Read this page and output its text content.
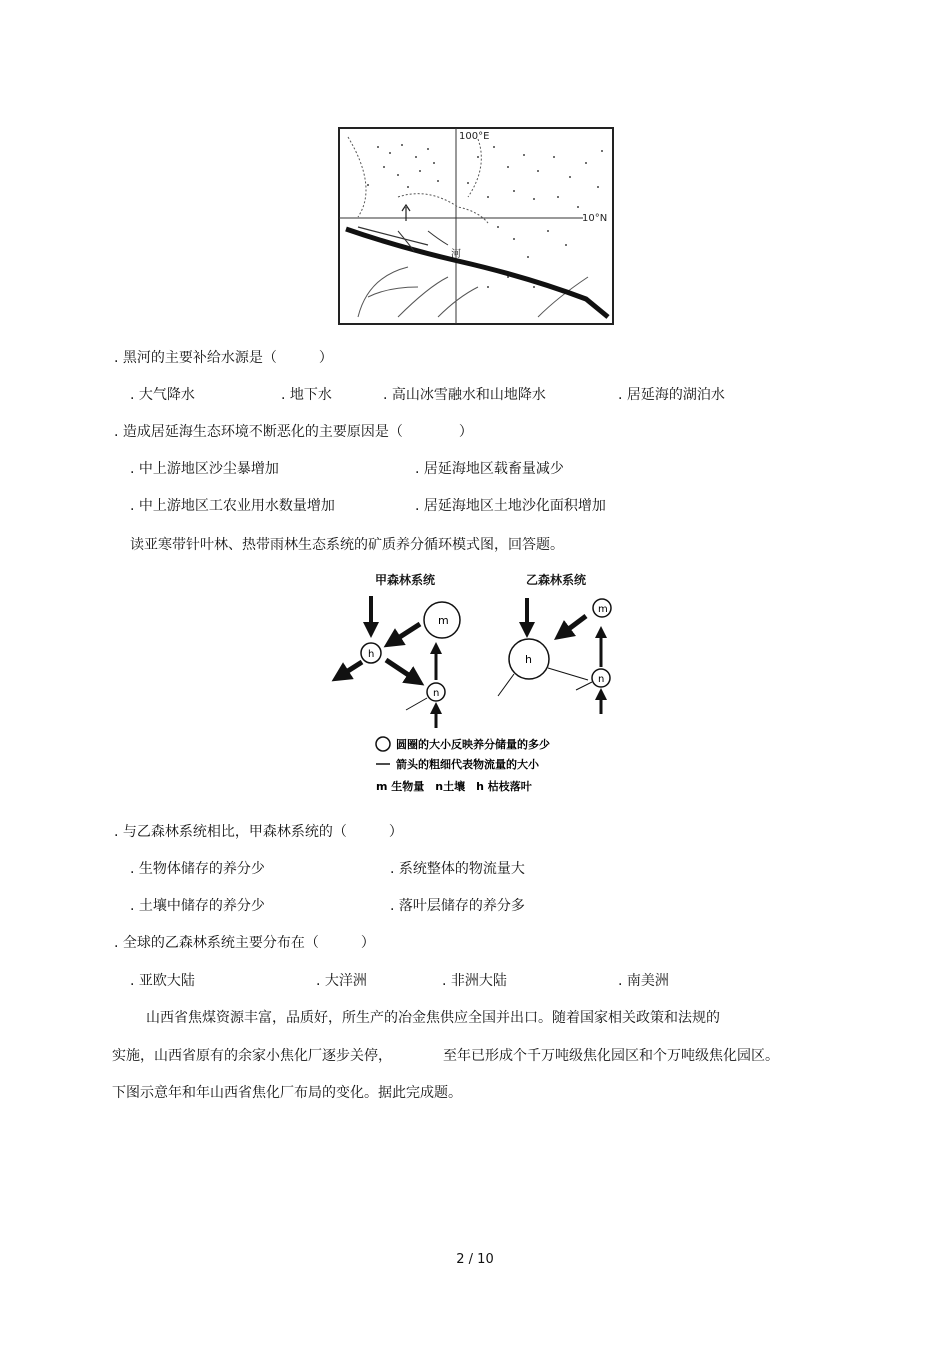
100°E
10°N
河
. 黑河的主要补给水源是（　　　）
. 大气降水	. 地下水	. 高山冰雪融水和山地降水	. 居延海的湖泊水
. 造成居延海生态环境不断恶化的主要原因是（　　　　）
. 中上游地区沙尘暴增加	. 居延海地区载畜量减少
. 中上游地区工农业用水数量增加	. 居延海地区土地沙化面积增加
读亚寒带针叶林、热带雨林生态系统的矿质养分循环模式图，回答题。
甲森林系统	乙森林系统
m
h
n
m
h
n
圆圈的大小反映养分储量的多少
箭头的粗细代表物流量的大小
m 生物量　n土壤　h 枯枝落叶
. 与乙森林系统相比，甲森林系统的（　　　）
. 生物体储存的养分少	. 系统整体的物流量大
. 土壤中储存的养分少	. 落叶层储存的养分多
. 全球的乙森林系统主要分布在（　　　）
. 亚欧大陆	. 大洋洲	. 非洲大陆	. 南美洲
山西省焦煤资源丰富，品质好，所生产的冶金焦供应全国并出口。随着国家相关政策和法规的
实施，山西省原有的余家小焦化厂逐步关停，	至年已形成个千万吨级焦化园区和个万吨级焦化园区。
下图示意年和年山西省焦化厂布局的变化。据此完成题。
2 / 10
